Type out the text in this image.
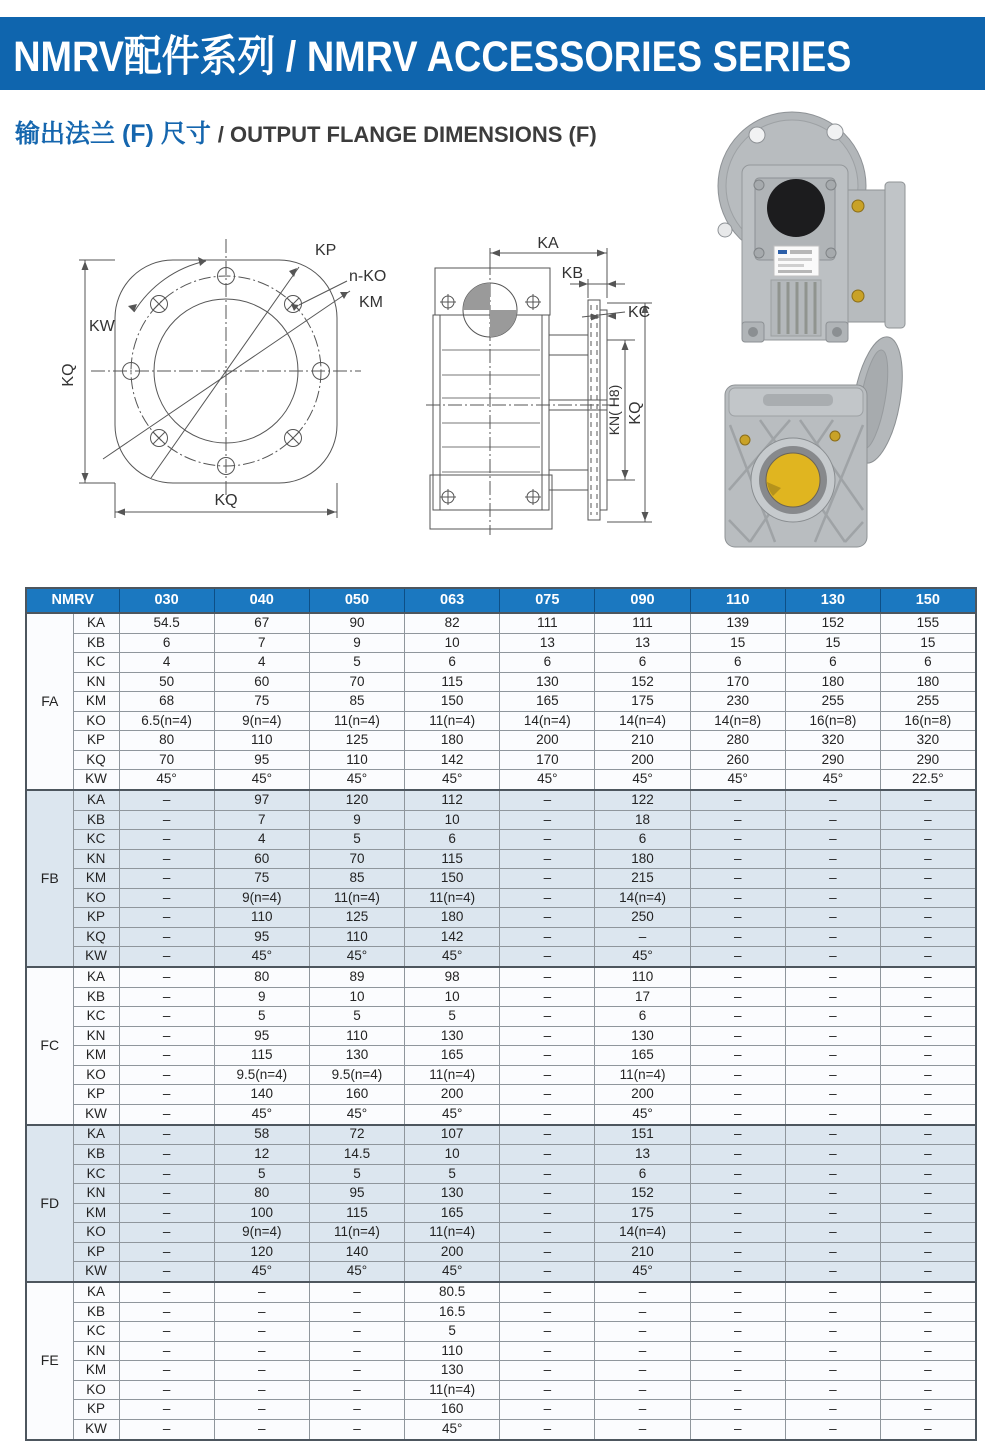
NMRV配件系列 / NMRV ACCESSORIES SERIES
输出法兰 (F) 尺寸 / OUTPUT FLANGE DIMENSIONS (F)
KP
n-KO
KM
KW
KQ
KQ
KA
KB
KC
KN( H8) KQ
NMRV		030	040	050	063	075	090	110	130	150
FA	KA	54.5	67	90	82	111	111	139	152	155
	KB	6	7	9	10	13	13	15	15	15
	KC	4	4	5	6	6	6	6	6	6
	KN	50	60	70	115	130	152	170	180	180
	KM	68	75	85	150	165	175	230	255	255
	KO	6.5(n=4)	9(n=4)	11(n=4)	11(n=4)	14(n=4)	14(n=4)	14(n=8)	16(n=8)	16(n=8)
	KP	80	110	125	180	200	210	280	320	320
	KQ	70	95	110	142	170	200	260	290	290
	KW	45°	45°	45°	45°	45°	45°	45°	45°	22.5°
FB	KA	–	97	120	112	–	122	–	–	–
	KB	–	7	9	10	–	18	–	–	–
	KC	–	4	5	6	–	6	–	–	–
	KN	–	60	70	115	–	180	–	–	–
	KM	–	75	85	150	–	215	–	–	–
	KO	–	9(n=4)	11(n=4)	11(n=4)	–	14(n=4)	–	–	–
	KP	–	110	125	180	–	250	–	–	–
	KQ	–	95	110	142	–	–	–	–	–
	KW	–	45°	45°	45°	–	45°	–	–	–
FC	KA	–	80	89	98	–	110	–	–	–
	KB	–	9	10	10	–	17	–	–	–
	KC	–	5	5	5	–	6	–	–	–
	KN	–	95	110	130	–	130	–	–	–
	KM	–	115	130	165	–	165	–	–	–
	KO	–	9.5(n=4)	9.5(n=4)	11(n=4)	–	11(n=4)	–	–	–
	KP	–	140	160	200	–	200	–	–	–
	KW	–	45°	45°	45°	–	45°	–	–	–
FD	KA	–	58	72	107	–	151	–	–	–
	KB	–	12	14.5	10	–	13	–	–	–
	KC	–	5	5	5	–	6	–	–	–
	KN	–	80	95	130	–	152	–	–	–
	KM	–	100	115	165	–	175	–	–	–
	KO	–	9(n=4)	11(n=4)	11(n=4)	–	14(n=4)	–	–	–
	KP	–	120	140	200	–	210	–	–	–
	KW	–	45°	45°	45°	–	45°	–	–	–
FE	KA	–	–	–	80.5	–	–	–	–	–
	KB	–	–	–	16.5	–	–	–	–	–
	KC	–	–	–	5	–	–	–	–	–
	KN	–	–	–	110	–	–	–	–	–
	KM	–	–	–	130	–	–	–	–	–
	KO	–	–	–	11(n=4)	–	–	–	–	–
	KP	–	–	–	160	–	–	–	–	–
	KW	–	–	–	45°	–	–	–	–	–
